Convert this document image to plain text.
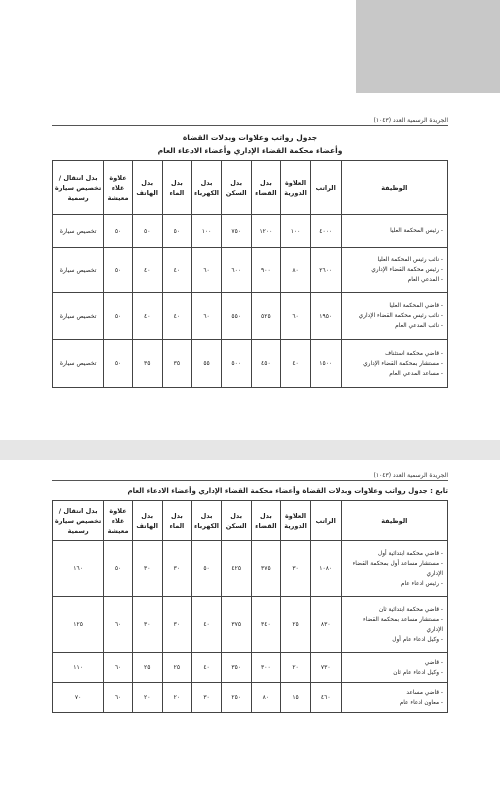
الجريدة الرسمية العدد (١٠٤٣)
جدول رواتب وعلاوات وبدلات القضاة
وأعضاء محكمة القضاء الإداري وأعضاء الادعاء العام
الوظيفة	الراتب	العلاوة الدورية	بدل القضاء	بدل السكن	بدل الكهرباء	بدل الماء	بدل الهاتف	علاوة غلاء معيشة	بدل انتقال / تخصيص سيارة رسمية

- رئيس المحكمة العليا	٤٠٠٠	١٠٠	١٢٠٠	٧٥٠	١٠٠	٥٠	٥٠	٥٠	تخصيص سيارة

- نائب رئيس المحكمة العليا
- رئيس محكمة القضاء الإداري
- المدعي العام	٢٦٠٠	٨٠	٩٠٠	٦٠٠	٦٠	٤٠	٤٠	٥٠	تخصيص سيارة

- قاضي المحكمة العليا
- نائب رئيس محكمة القضاء الإداري
- نائب المدعي العام	١٩٥٠	٦٠	٥٢٥	٥٥٠	٦٠	٤٠	٤٠	٥٠	تخصيص سيارة

- قاضي محكمة استئناف
- مستشار بمحكمة القضاء الإداري
- مساعد المدعي العام	١٥٠٠	٤٠	٤٥٠	٥٠٠	٥٥	٣٥	٣٥	٥٠	تخصيص سيارة
الجريدة الرسمية العدد (١٠٤٣)
تابع : جدول رواتب وعلاوات وبدلات القضاة وأعضاء محكمة القضاء الإداري وأعضاء الادعاء العام
الوظيفة	الراتب	العلاوة الدورية	بدل القضاء	بدل السكن	بدل الكهرباء	بدل الماء	بدل الهاتف	علاوة غلاء معيشة	بدل انتقال / تخصيص سيارة رسمية

- قاضي محكمة ابتدائية أول
- مستشار مساعد أول بمحكمة القضاء
الإداري
- رئيس ادعاء عام	١٠٨٠	٣٠	٣٧٥	٤٢٥	٥٠	٣٠	٣٠	٥٠	١٦٠

- قاضي محكمة ابتدائية ثان
- مستشار مساعد بمحكمة القضاء
الإداري
- وكيل ادعاء عام أول	٨٣٠	٢٥	٣٤٠	٣٧٥	٤٠	٣٠	٣٠	٦٠	١٢٥

- قاضي
- وكيل ادعاء عام ثان	٧٣٠	٢٠	٣٠٠	٣٥٠	٤٠	٢٥	٢٥	٦٠	١١٠

- قاضي مساعد
- معاون ادعاء عام	٤٦٠	١٥	٨٠	٢٥٠	٣٠	٢٠	٢٠	٦٠	٧٠
